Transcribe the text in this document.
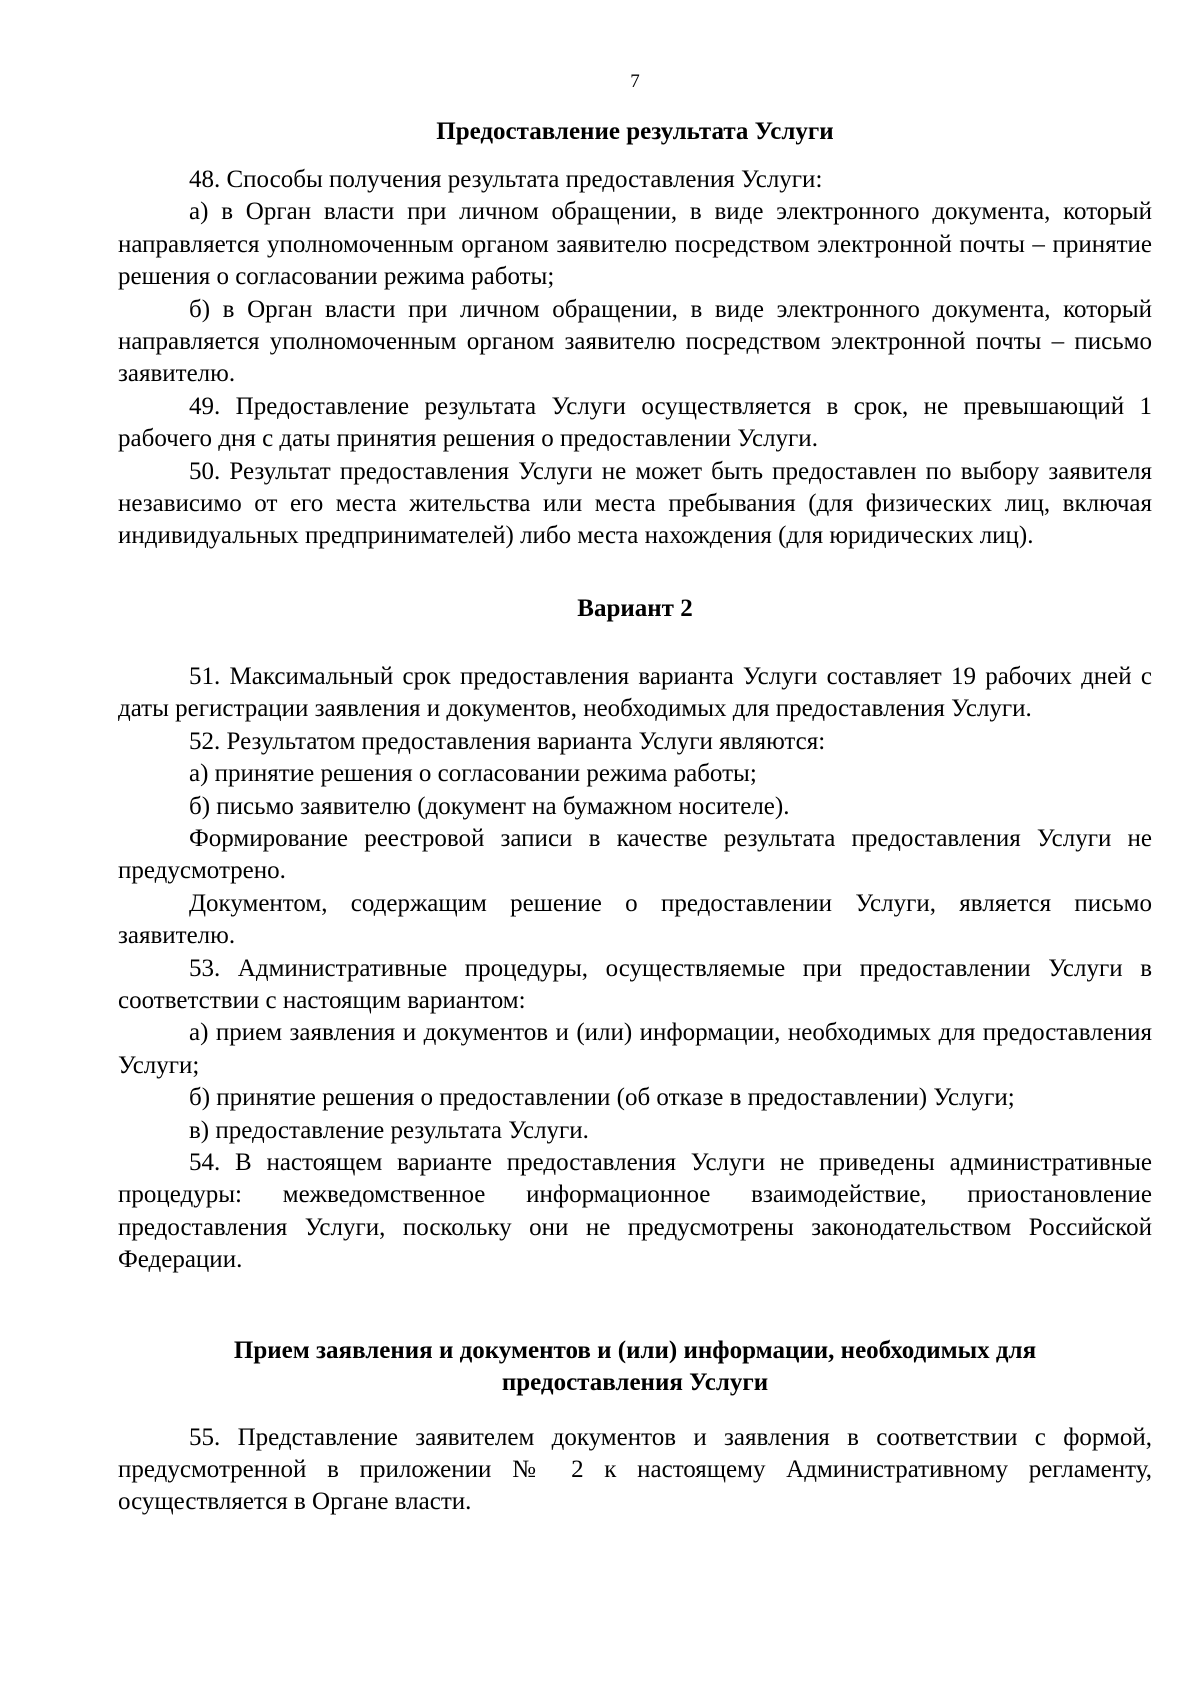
7

Предоставление результата Услуги

48. Способы получения результата предоставления Услуги:

а) в Орган власти при личном обращении, в виде электронного документа, который направляется уполномоченным органом заявителю посредством электронной почты – принятие решения о согласовании режима работы;

б) в Орган власти при личном обращении, в виде электронного документа, который направляется уполномоченным органом заявителю посредством электронной почты – письмо заявителю.

49. Предоставление результата Услуги осуществляется в срок, не превышающий 1 рабочего дня с даты принятия решения о предоставлении Услуги.

50. Результат предоставления Услуги не может быть предоставлен по выбору заявителя независимо от его места жительства или места пребывания (для физических лиц, включая индивидуальных предпринимателей) либо места нахождения (для юридических лиц).

Вариант 2

51. Максимальный срок предоставления варианта Услуги составляет 19 рабочих дней с даты регистрации заявления и документов, необходимых для предоставления Услуги.

52. Результатом предоставления варианта Услуги являются:

а) принятие решения о согласовании режима работы;

б) письмо заявителю (документ на бумажном носителе).

Формирование реестровой записи в качестве результата предоставления Услуги не предусмотрено.

Документом, содержащим решение о предоставлении Услуги, является письмо заявителю.

53. Административные процедуры, осуществляемые при предоставлении Услуги в соответствии с настоящим вариантом:

а) прием заявления и документов и (или) информации, необходимых для предоставления Услуги;

б) принятие решения о предоставлении (об отказе в предоставлении) Услуги;

в) предоставление результата Услуги.

54. В настоящем варианте предоставления Услуги не приведены административные процедуры: межведомственное информационное взаимодействие, приостановление предоставления Услуги, поскольку они не предусмотрены законодательством Российской Федерации.

Прием заявления и документов и (или) информации, необходимых для
предоставления Услуги

55. Представление заявителем документов и заявления в соответствии с формой, предусмотренной в приложении № 2 к настоящему Административному регламенту, осуществляется в Органе власти.
